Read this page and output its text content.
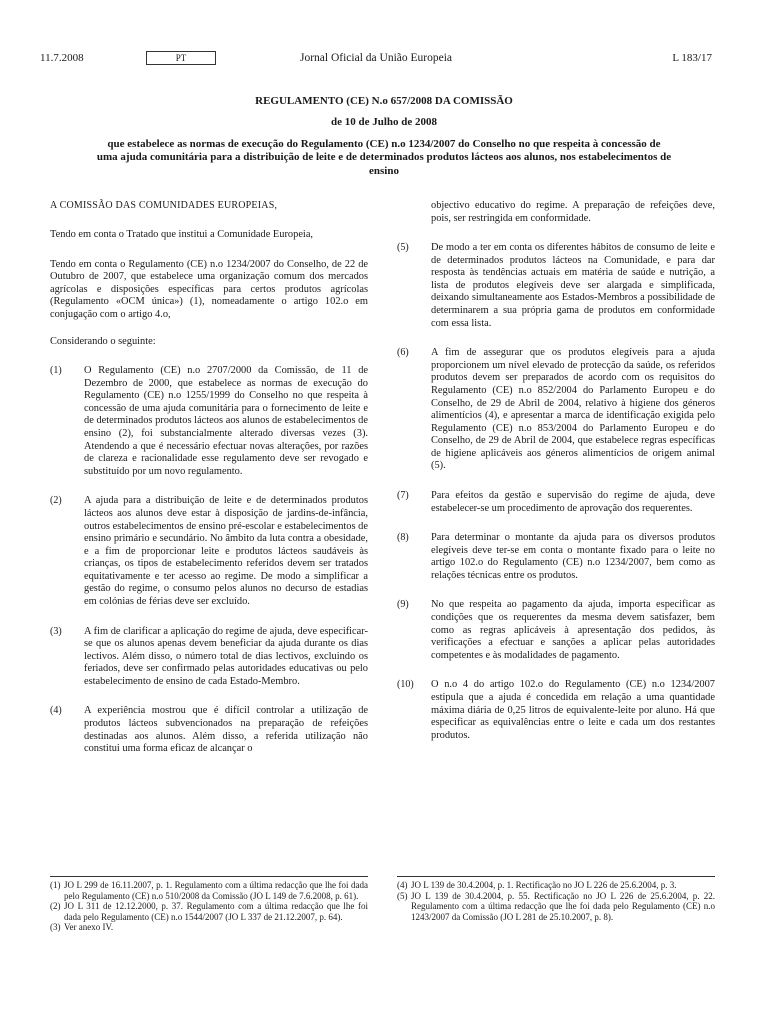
11.7.2008	PT	Jornal Oficial da União Europeia	L 183/17
REGULAMENTO (CE) N.o 657/2008 DA COMISSÃO
de 10 de Julho de 2008
que estabelece as normas de execução do Regulamento (CE) n.o 1234/2007 do Conselho no que respeita à concessão de uma ajuda comunitária para a distribuição de leite e de determinados produtos lácteos aos alunos, nos estabelecimentos de ensino

A COMISSÃO DAS COMUNIDADES EUROPEIAS,

Tendo em conta o Tratado que institui a Comunidade Europeia,

Tendo em conta o Regulamento (CE) n.o 1234/2007 do Conselho, de 22 de Outubro de 2007, que estabelece uma organização comum dos mercados agrícolas e disposições específicas para certos produtos agrícolas (Regulamento «OCM única») (1), nomeadamente o artigo 102.o em conjugação com o artigo 4.o,

Considerando o seguinte:

(1)	O Regulamento (CE) n.o 2707/2000 da Comissão, de 11 de Dezembro de 2000, que estabelece as normas de execução do Regulamento (CE) n.o 1255/1999 do Conselho no que respeita à concessão de uma ajuda comunitária para o fornecimento de leite e de determinados produtos lácteos aos alunos de estabelecimentos de ensino (2), foi substancialmente alterado diversas vezes (3). Atendendo a que é necessário efectuar novas alterações, por razões de clareza e racionalidade esse regulamento deve ser revogado e substituído por um novo regulamento.
(2)	A ajuda para a distribuição de leite e de determinados produtos lácteos aos alunos deve estar à disposição de jardins-de-infância, outros estabelecimentos de ensino pré-escolar e estabelecimentos de ensino primário e secundário. No âmbito da luta contra a obesidade, e a fim de proporcionar leite e produtos lácteos saudáveis às crianças, os tipos de estabelecimento referidos devem ser tratados equitativamente e ter acesso ao regime. De modo a simplificar a gestão do regime, o consumo pelos alunos no decurso de estadias em colónias de férias deve ser excluído.
(3)	A fim de clarificar a aplicação do regime de ajuda, deve especificar-se que os alunos apenas devem beneficiar da ajuda durante os dias lectivos. Além disso, o número total de dias lectivos, excluindo os feriados, deve ser confirmado pelas autoridades educativas ou pelo estabelecimento de ensino de cada Estado-Membro.
(4)	A experiência mostrou que é difícil controlar a utilização de produtos lácteos subvencionados na preparação de refeições destinadas aos alunos. Além disso, a referida utilização não constitui uma forma eficaz de alcançar o
objectivo educativo do regime. A preparação de refeições deve, pois, ser restringida em conformidade.
(5)	De modo a ter em conta os diferentes hábitos de consumo de leite e de determinados produtos lácteos na Comunidade, e para dar resposta às tendências actuais em matéria de saúde e nutrição, a lista de produtos elegíveis deve ser alargada e simplificada, deixando simultaneamente aos Estados-Membros a possibilidade de determinarem a sua própria gama de produtos em conformidade com essa lista.
(6)	A fim de assegurar que os produtos elegíveis para a ajuda proporcionem um nível elevado de protecção da saúde, os referidos produtos devem ser preparados de acordo com os requisitos do Regulamento (CE) n.o 852/2004 do Parlamento Europeu e do Conselho, de 29 de Abril de 2004, relativo à higiene dos géneros alimentícios (4), e apresentar a marca de identificação exigida pelo Regulamento (CE) n.o 853/2004 do Parlamento Europeu e do Conselho, de 29 de Abril de 2004, que estabelece regras específicas de higiene aplicáveis aos géneros alimentícios de origem animal (5).
(7)	Para efeitos da gestão e supervisão do regime de ajuda, deve estabelecer-se um procedimento de aprovação dos requerentes.
(8)	Para determinar o montante da ajuda para os diversos produtos elegíveis deve ter-se em conta o montante fixado para o leite no artigo 102.o do Regulamento (CE) n.o 1234/2007, bem como as relações técnicas entre os produtos.
(9)	No que respeita ao pagamento da ajuda, importa especificar as condições que os requerentes da mesma devem satisfazer, bem como as regras aplicáveis à apresentação dos pedidos, às verificações a efectuar e sanções a aplicar pelas autoridades competentes e às modalidades de pagamento.
(10)	O n.o 4 do artigo 102.o do Regulamento (CE) n.o 1234/2007 estipula que a ajuda é concedida em relação a uma quantidade máxima diária de 0,25 litros de equivalente-leite por aluno. Há que especificar as equivalências entre o leite e cada um dos restantes produtos.
(1) JO L 299 de 16.11.2007, p. 1. Regulamento com a última redacção que lhe foi dada pelo Regulamento (CE) n.o 510/2008 da Comissão (JO L 149 de 7.6.2008, p. 61).
(2) JO L 311 de 12.12.2000, p. 37. Regulamento com a última redacção que lhe foi dada pelo Regulamento (CE) n.o 1544/2007 (JO L 337 de 21.12.2007, p. 64).
(3) Ver anexo IV.
(4) JO L 139 de 30.4.2004, p. 1. Rectificação no JO L 226 de 25.6.2004, p. 3.
(5) JO L 139 de 30.4.2004, p. 55. Rectificação no JO L 226 de 25.6.2004, p. 22. Regulamento com a última redacção que lhe foi dada pelo Regulamento (CE) n.o 1243/2007 da Comissão (JO L 281 de 25.10.2007, p. 8).
